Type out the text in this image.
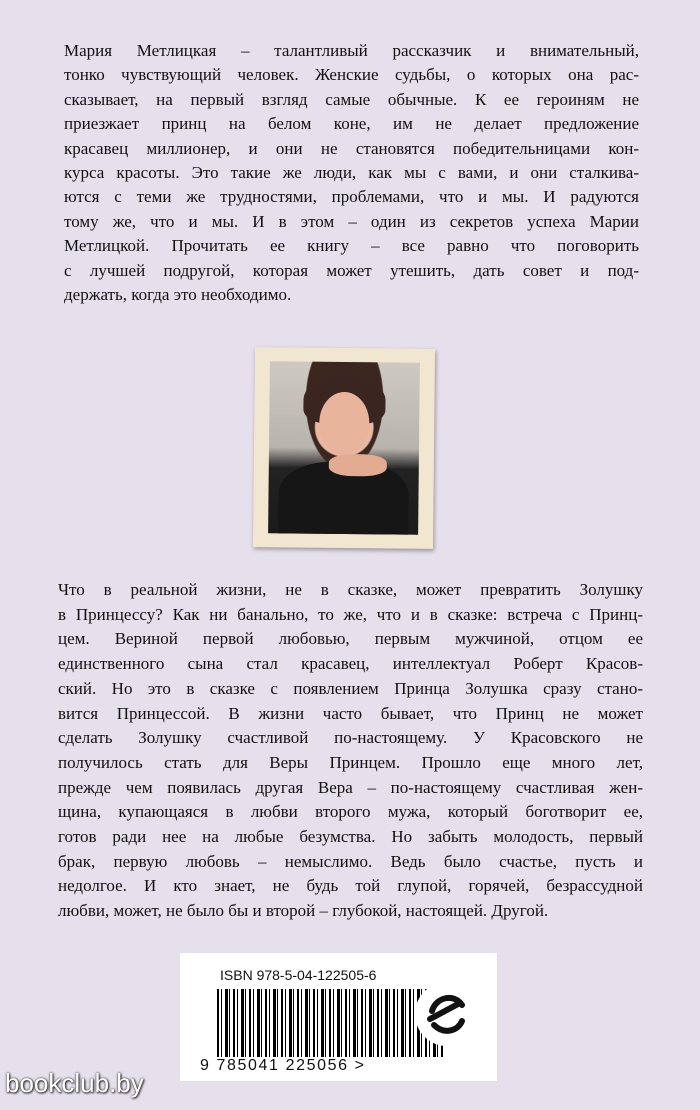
Мария Метлицкая – талантливый рассказчик и внимательный,
тонко чувствующий человек. Женские судьбы, о которых она рас-
сказывает, на первый взгляд самые обычные. К ее героиням не
приезжает принц на белом коне, им не делает предложение
красавец миллионер, и они не становятся победительницами кон-
курса красоты. Это такие же люди, как мы с вами, и они сталкива-
ются с теми же трудностями, проблемами, что и мы. И радуются
тому же, что и мы. И в этом – один из секретов успеха Марии
Метлицкой. Прочитать ее книгу – все равно что поговорить
с лучшей подругой, которая может утешить, дать совет и под-
держать, когда это необходимо.
Что в реальной жизни, не в сказке, может превратить Золушку
в Принцессу? Как ни банально, то же, что и в сказке: встреча с Принц-
цем. Вериной первой любовью, первым мужчиной, отцом ее
единственного сына стал красавец, интеллектуал Роберт Красов-
ский. Но это в сказке с появлением Принца Золушка сразу стано-
вится Принцессой. В жизни часто бывает, что Принц не может
сделать Золушку счастливой по-настоящему. У Красовского не
получилось стать для Веры Принцем. Прошло еще много лет,
прежде чем появилась другая Вера – по-настоящему счастливая жен-
щина, купающаяся в любви второго мужа, который боготворит ее,
готов ради нее на любые безумства. Но забыть молодость, первый
брак, первую любовь – немыслимо. Ведь было счастье, пусть и
недолгое. И кто знает, не будь той глупой, горячей, безрассудной
любви, может, не было бы и второй – глубокой, настоящей. Другой.
ISBN 978-5-04-122505-6
9 785041 225056 >
bookclub.by
